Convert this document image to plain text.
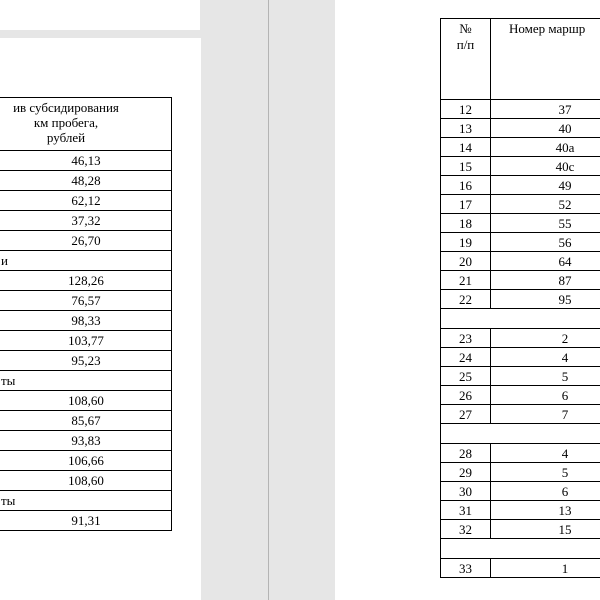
ив субсидирования
км пробега,
рублей

46,13
48,28
62,12
37,32
26,70
и
128,26
76,57
98,33
103,77
95,23
ты
108,60
85,67
93,83
106,66
108,60
ты
91,31
№
п/п	Номер маршр
12	37
13	40
14	40а
15	40с
16	49
17	52
18	55
19	56
20	64
21	87
22	95

23	2
24	4
25	5
26	6
27	7

28	4
29	5
30	6
31	13
32	15

33	1
